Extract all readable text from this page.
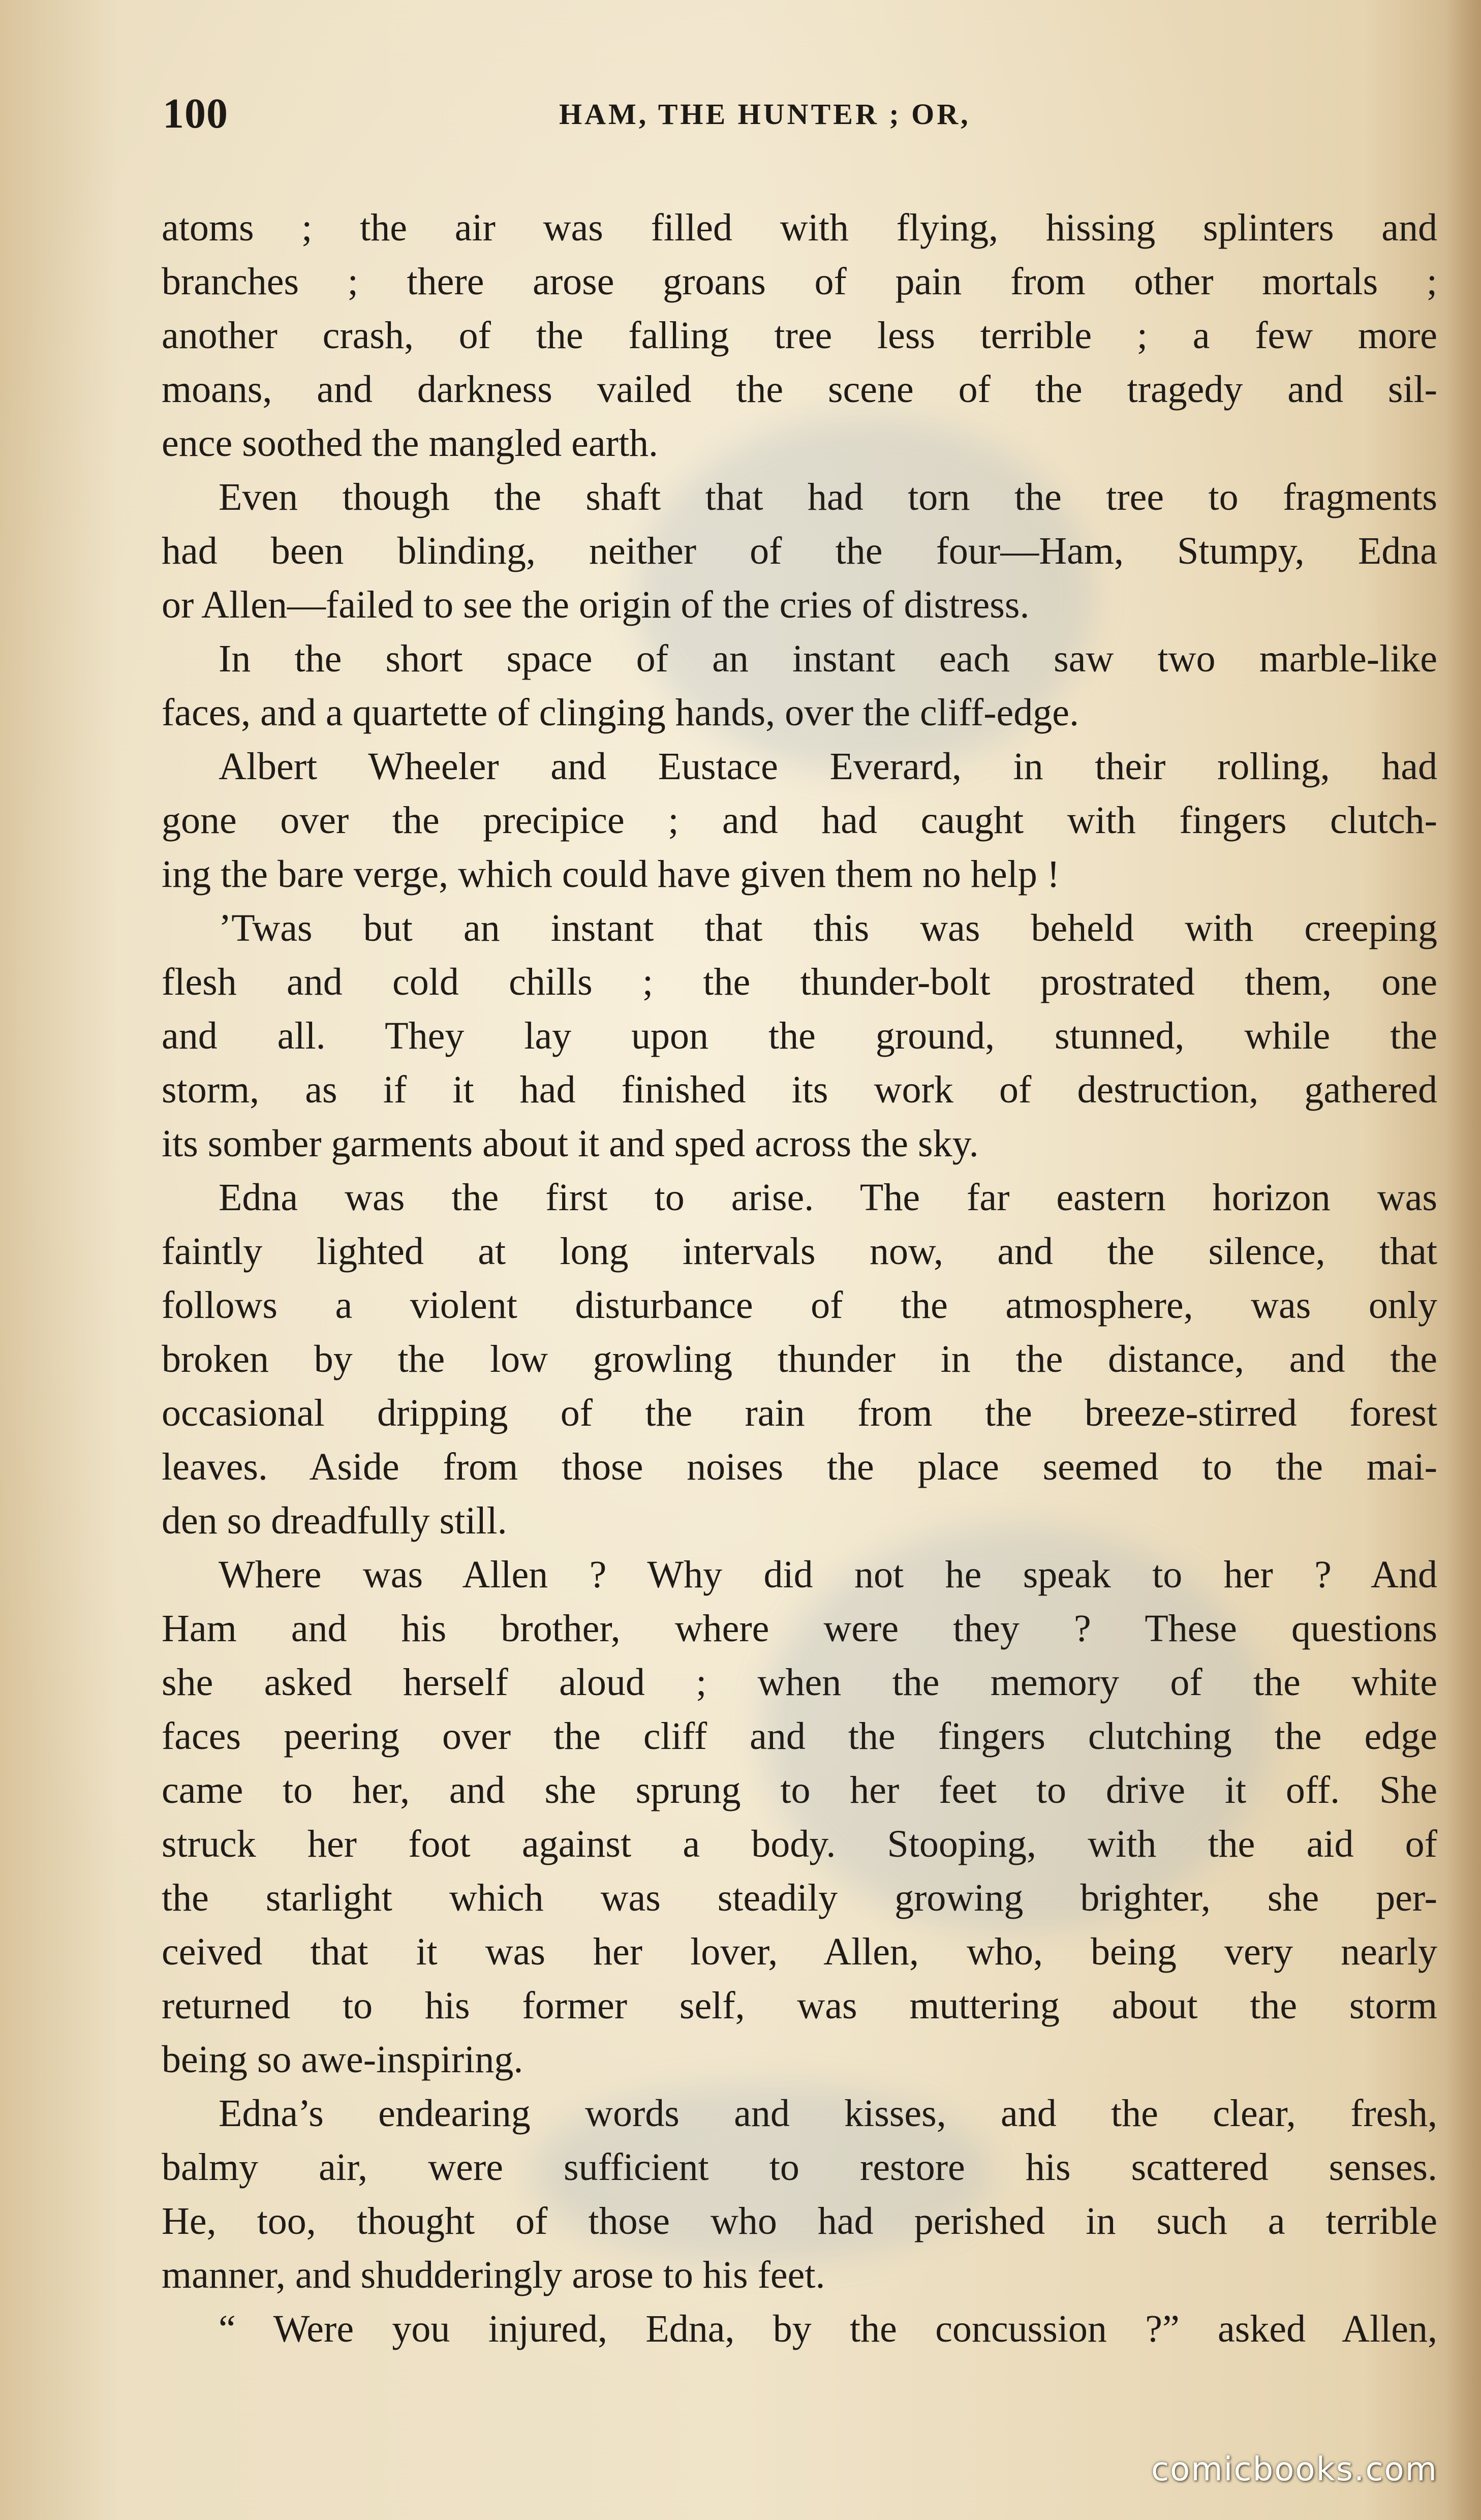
100	HAM, THE HUNTER ; OR,
atoms ; the air was filled with flying, hissing splinters and
branches ; there arose groans of pain from other mortals ;
another crash, of the falling tree less terrible ; a few more
moans, and darkness vailed the scene of the tragedy and sil-
ence soothed the mangled earth.
Even though the shaft that had torn the tree to fragments
had been blinding, neither of the four—Ham, Stumpy, Edna
or Allen—failed to see the origin of the cries of distress.
In the short space of an instant each saw two marble-like
faces, and a quartette of clinging hands, over the cliff-edge.
Albert Wheeler and Eustace Everard, in their rolling, had
gone over the precipice ; and had caught with fingers clutch-
ing the bare verge, which could have given them no help !
’Twas but an instant that this was beheld with creeping
flesh and cold chills ; the thunder-bolt prostrated them, one
and all. They lay upon the ground, stunned, while the
storm, as if it had finished its work of destruction, gathered
its somber garments about it and sped across the sky.
Edna was the first to arise. The far eastern horizon was
faintly lighted at long intervals now, and the silence, that
follows a violent disturbance of the atmosphere, was only
broken by the low growling thunder in the distance, and the
occasional dripping of the rain from the breeze-stirred forest
leaves. Aside from those noises the place seemed to the mai-
den so dreadfully still.
Where was Allen ? Why did not he speak to her ? And
Ham and his brother, where were they ? These questions
she asked herself aloud ; when the memory of the white
faces peering over the cliff and the fingers clutching the edge
came to her, and she sprung to her feet to drive it off. She
struck her foot against a body. Stooping, with the aid of
the starlight which was steadily growing brighter, she per-
ceived that it was her lover, Allen, who, being very nearly
returned to his former self, was muttering about the storm
being so awe-inspiring.
Edna’s endearing words and kisses, and the clear, fresh,
balmy air, were sufficient to restore his scattered senses.
He, too, thought of those who had perished in such a terrible
manner, and shudderingly arose to his feet.
“ Were you injured, Edna, by the concussion ?” asked Allen,
comicbooks.com
